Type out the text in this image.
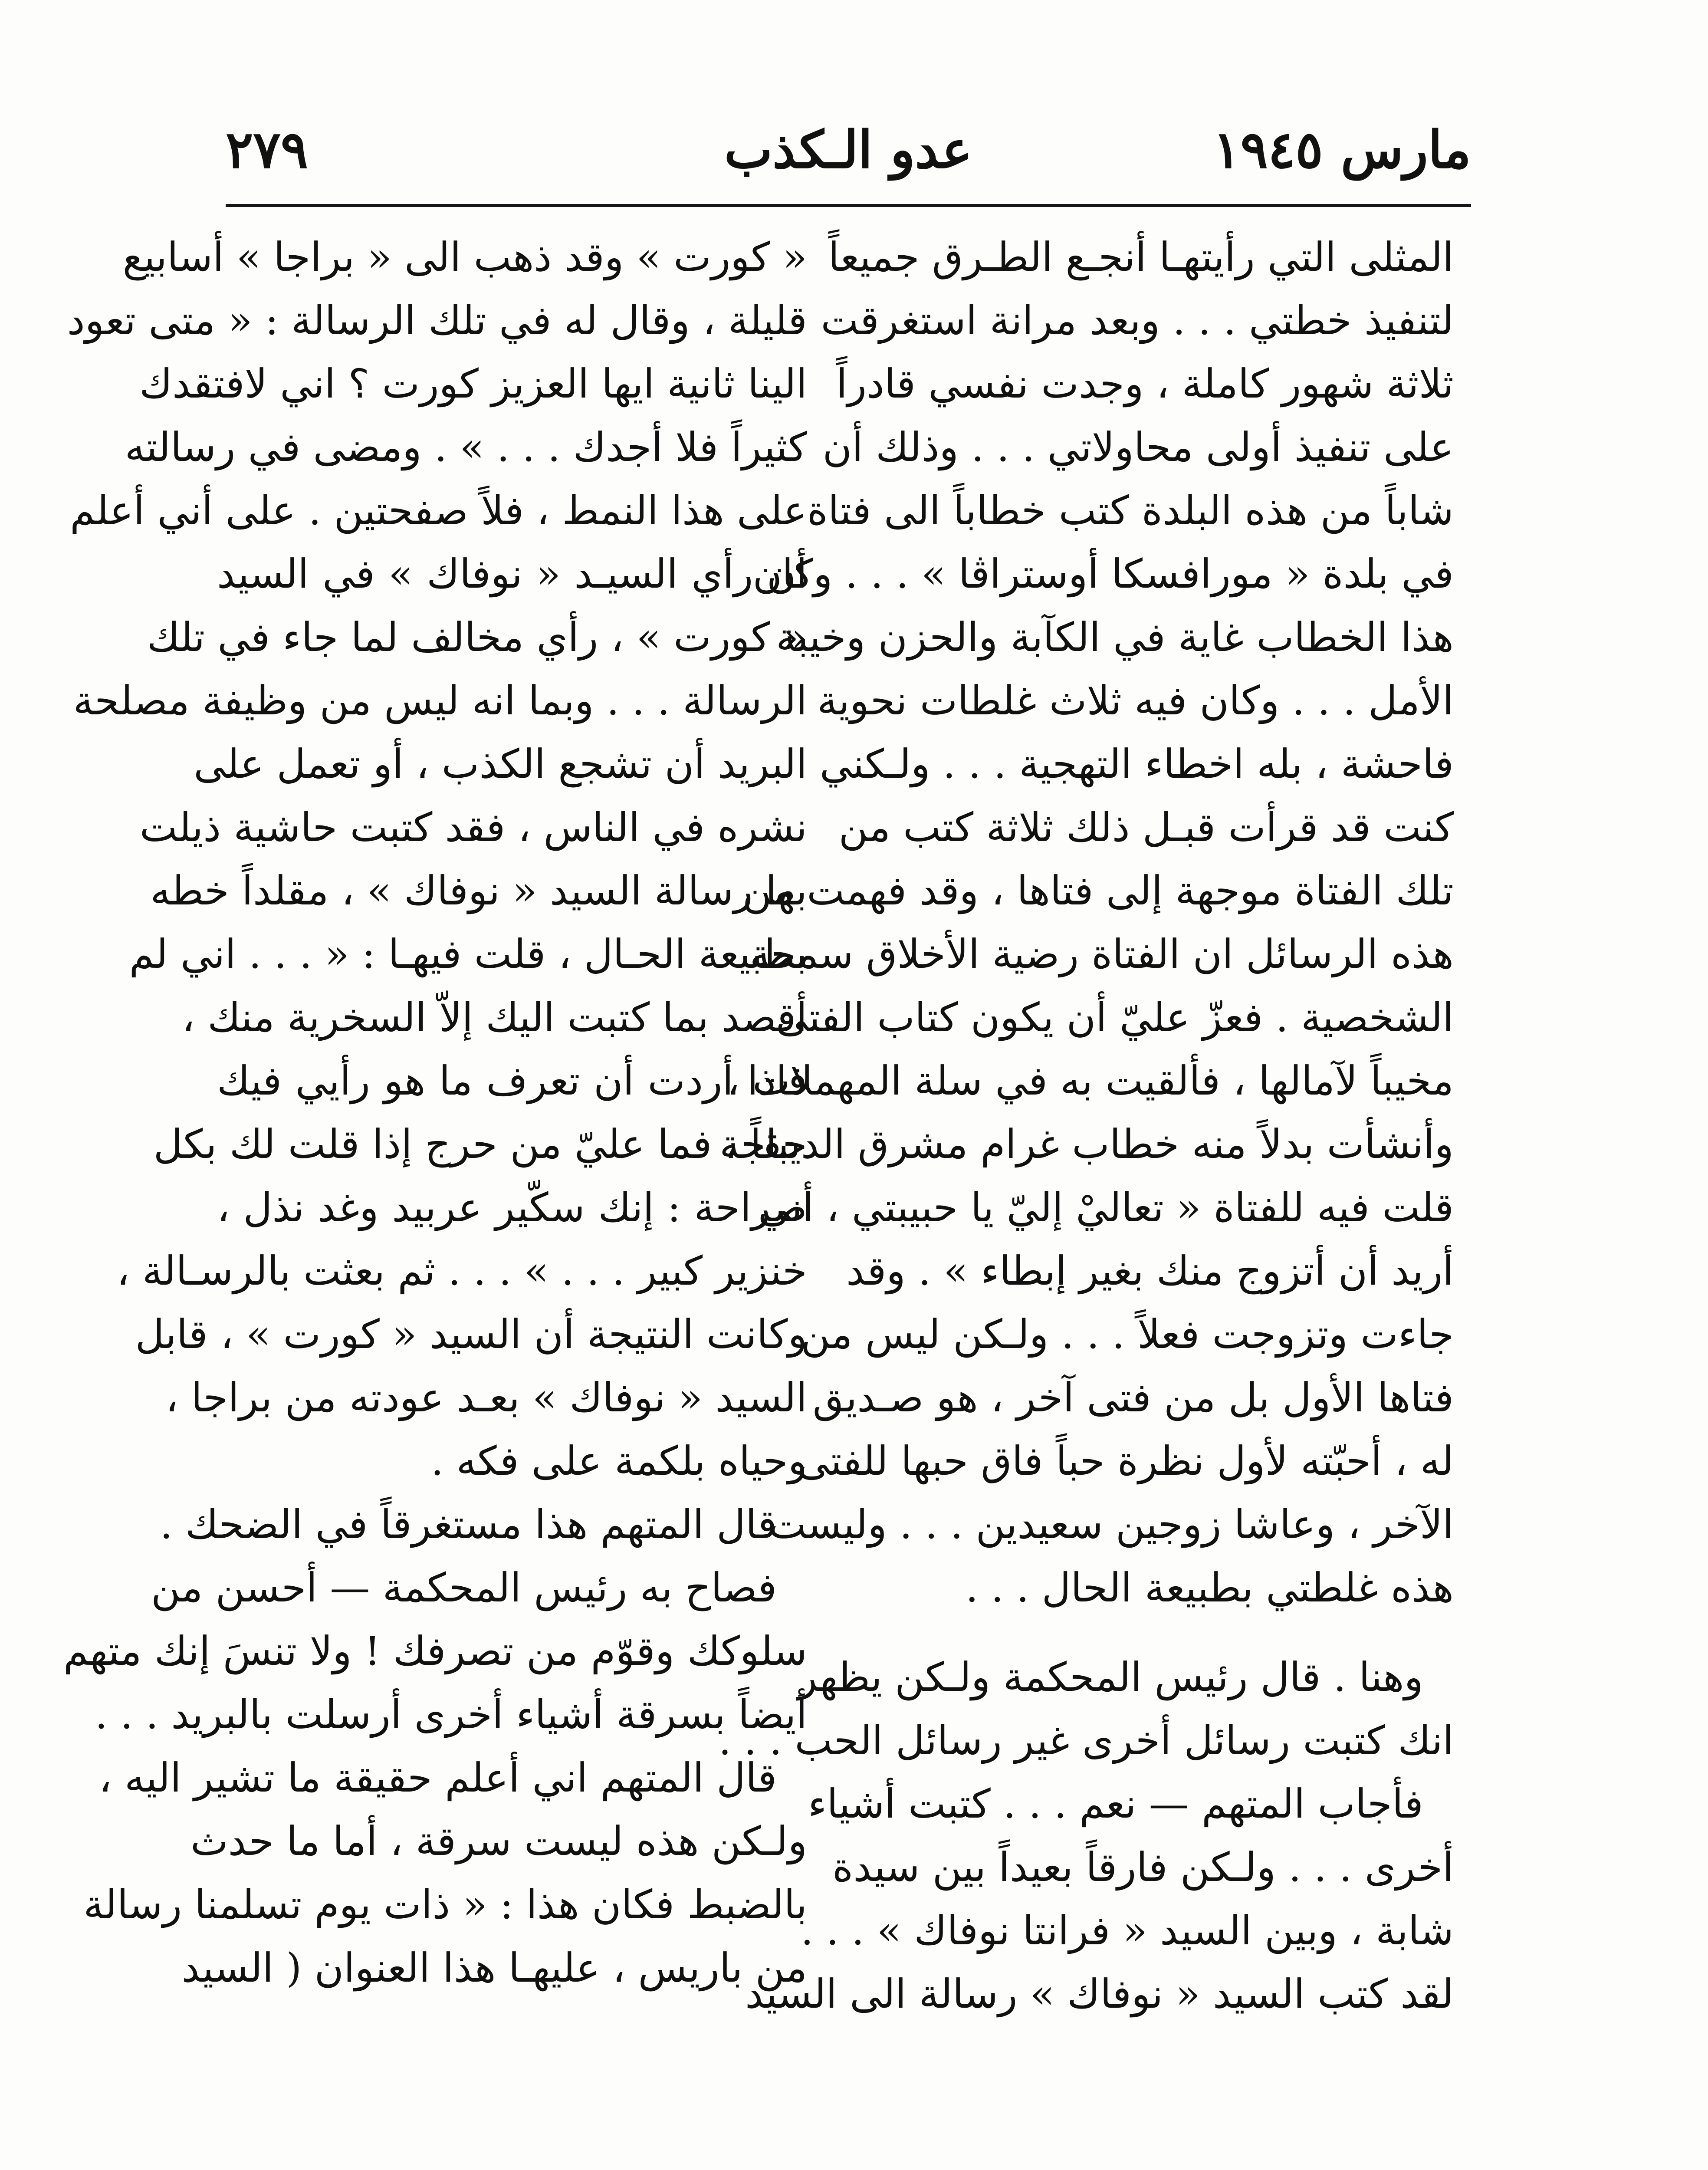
مارس ١٩٤٥
عدو الـكذب
٢٧٩
المثلى التي رأيتهـا أنجـع الطـرق جميعاً
لتنفيذ خطتي . . . وبعد مرانة استغرقت
ثلاثة شهور كاملة ، وجدت نفسي قادراً
على تنفيذ أولى محاولاتي . . . وذلك أن
شاباً من هذه البلدة كتب خطاباً الى فتاة
في بلدة « مورافسكا أوستراڤا » . . . وكان
هذا الخطاب غاية في الكآبة والحزن وخيبة
الأمل . . . وكان فيه ثلاث غلطات نحوية
فاحشة ، بله اخطاء التهجية . . . ولـكني
كنت قد قرأت قبـل ذلك ثلاثة كتب من
تلك الفتاة موجهة إلى فتاها ، وقد فهمت من
هذه الرسائل ان الفتاة رضية الأخلاق سمحة
الشخصية . فعزّ عليّ أن يكون كتاب الفتى
مخيباً لآمالها ، فألقيت به في سلة المهملات ،
وأنشأت بدلاً منه خطاب غرام مشرق الديباجة
قلت فيه للفتاة « تعاليْ إليّ يا حبيبتي ، أني
أريد أن أتزوج منك بغير إبطاء » . وقد
جاءت وتزوجت فعلاً . . . ولـكن ليس من
فتاها الأول بل من فتى آخر ، هو صـديق
له ، أحبّته لأول نظرة حباً فاق حبها للفتى
الآخر ، وعاشا زوجين سعيدين . . . وليست
هذه غلطتي بطبيعة الحال . . .
وهنا . قال رئيس المحكمة ولـكن يظهر
انك كتبت رسائل أخرى غير رسائل الحب . . .
فأجاب المتهم — نعم . . . كتبت أشياء
أخرى . . . ولـكن فارقاً بعيداً بين سيدة
شابة ، وبين السيد « فرانتا نوفاك » . . .
لقد كتب السيد « نوفاك » رسالة الى السيد
« كورت » وقد ذهب الى « براجا » أسابيع
قليلة ، وقال له في تلك الرسالة : « متى تعود
الينا ثانية ايها العزيز كورت ؟ اني لافتقدك
كثيراً فلا أجدك . . . » . ومضى في رسالته
على هذا النمط ، فلاً صفحتين . على أني أعلم
أن رأي السيـد « نوفاك » في السيد
« كورت » ، رأي مخالف لما جاء في تلك
الرسالة . . . وبما انه ليس من وظيفة مصلحة
البريد أن تشجع الكذب ، أو تعمل على
نشره في الناس ، فقد كتبت حاشية ذيلت
بها رسالة السيد « نوفاك » ، مقلداً خطه
بطبيعة الحـال ، قلت فيهـا : « . . . اني لم
أقصد بما كتبت اليك إلاّ السخرية منك ،
فاذا أردت أن تعرف ما هو رأيي فيك
حقاً ، فما عليّ من حرج إذا قلت لك بكل
صراحة : إنك سكّير عربيد وغد نذل ،
خنزير كبير . . . » . . . ثم بعثت بالرسـالة ،
وكانت النتيجة أن السيد « كورت » ، قابل
السيد « نوفاك » بعـد عودته من براجا ،
وحياه بلكمة على فكه .
قال المتهم هذا مستغرقاً في الضحك .
فصاح به رئيس المحكمة — أحسن من
سلوكك وقوّم من تصرفك ! ولا تنسَ إنك متهم
أيضاً بسرقة أشياء أخرى أرسلت بالبريد . . .
قال المتهم اني أعلم حقيقة ما تشير اليه ،
ولـكن هذه ليست سرقة ، أما ما حدث
بالضبط فكان هذا : « ذات يوم تسلمنا رسالة
من باريس ، عليهـا هذا العنوان ( السيد
